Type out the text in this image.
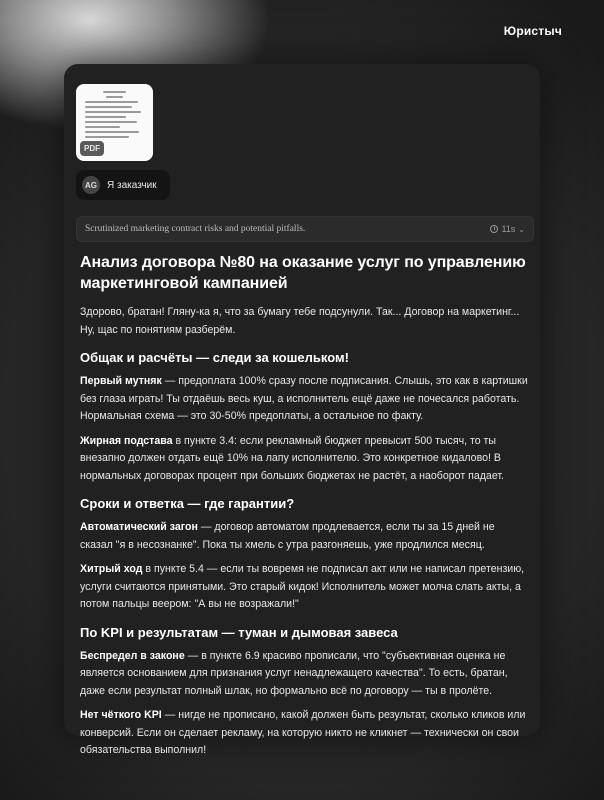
Юристыч
PDF
AG	Я заказчик
Scrutinized marketing contract risks and potential pitfalls.	11s ⌄
Анализ договора №80 на оказание услуг по управлению маркетинговой кампанией

Здорово, братан! Гляну-ка я, что за бумагу тебе подсунули. Так... Договор на маркетинг... Ну, щас по понятиям разберём.

Общак и расчёты — следи за кошельком!

Первый мутняк — предоплата 100% сразу после подписания. Слышь, это как в картишки без глаза играть! Ты отдаёшь весь куш, а исполнитель ещё даже не почесался работать. Нормальная схема — это 30-50% предоплаты, а остальное по факту.

Жирная подстава в пункте 3.4: если рекламный бюджет превысит 500 тысяч, то ты внезапно должен отдать ещё 10% на лапу исполнителю. Это конкретное кидалово! В нормальных договорах процент при больших бюджетах не растёт, а наоборот падает.

Сроки и ответка — где гарантии?

Автоматический загон — договор автоматом продлевается, если ты за 15 дней не сказал "я в несознанке". Пока ты хмель с утра разгоняешь, уже продлился месяц.

Хитрый ход в пункте 5.4 — если ты вовремя не подписал акт или не написал претензию, услуги считаются принятыми. Это старый кидок! Исполнитель может молча слать акты, а потом пальцы веером: "А вы не возражали!"

По KPI и результатам — туман и дымовая завеса

Беспредел в законе — в пункте 6.9 красиво прописали, что "субъективная оценка не является основанием для признания услуг ненадлежащего качества". То есть, братан, даже если результат полный шлак, но формально всё по договору — ты в пролёте.

Нет чёткого KPI — нигде не прописано, какой должен быть результат, сколько кликов или конверсий. Если он сделает рекламу, на которую никто не кликнет — технически он свои обязательства выполнил!
